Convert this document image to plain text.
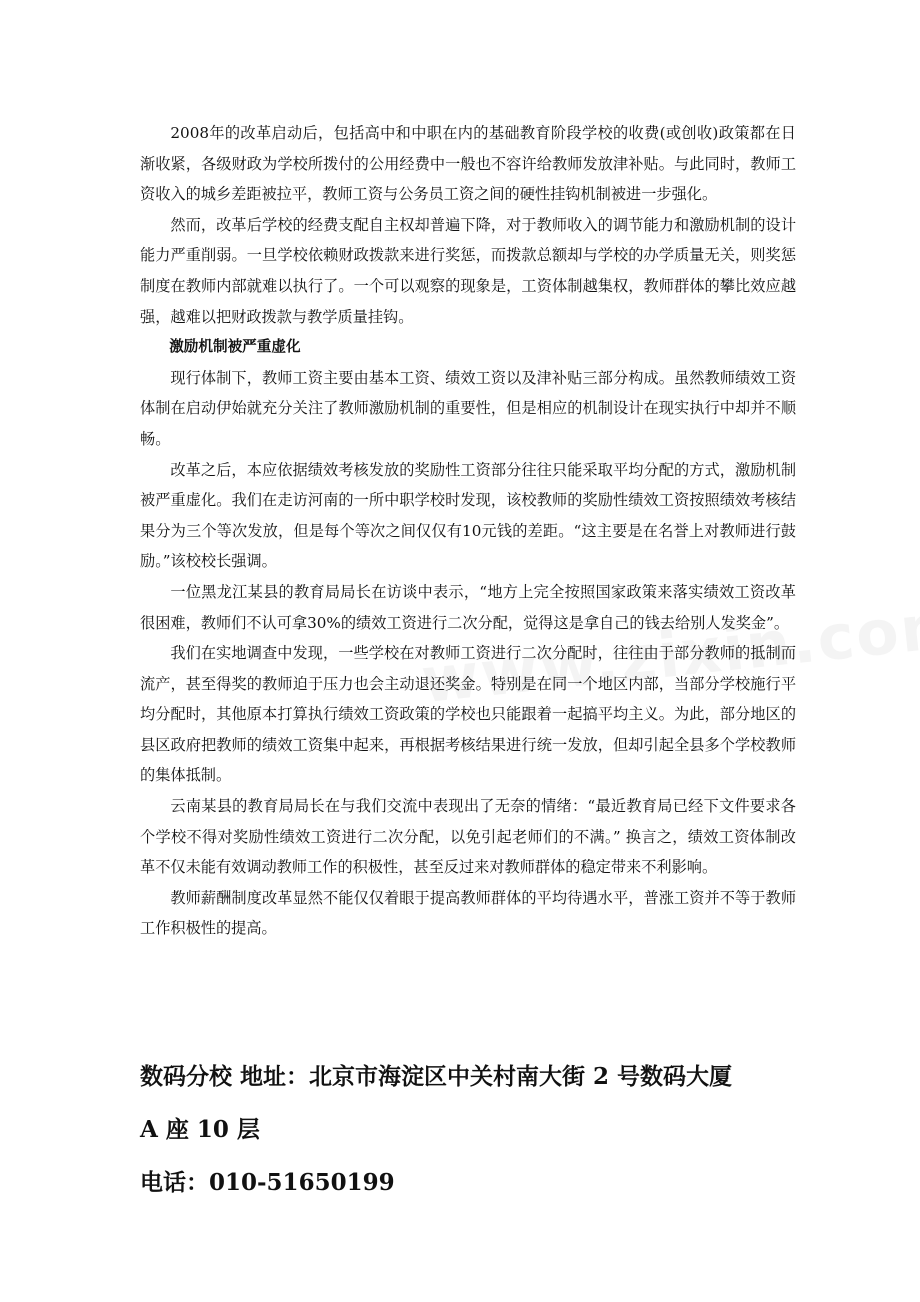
2008年的改革启动后，包括高中和中职在内的基础教育阶段学校的收费(或创收)政策都在日渐收紧，各级财政为学校所拨付的公用经费中一般也不容许给教师发放津补贴。与此同时，教师工资收入的城乡差距被拉平，教师工资与公务员工资之间的硬性挂钩机制被进一步强化。

然而，改革后学校的经费支配自主权却普遍下降，对于教师收入的调节能力和激励机制的设计能力严重削弱。一旦学校依赖财政拨款来进行奖惩，而拨款总额却与学校的办学质量无关，则奖惩制度在教师内部就难以执行了。一个可以观察的现象是，工资体制越集权，教师群体的攀比效应越强，越难以把财政拨款与教学质量挂钩。

激励机制被严重虚化

现行体制下，教师工资主要由基本工资、绩效工资以及津补贴三部分构成。虽然教师绩效工资体制在启动伊始就充分关注了教师激励机制的重要性，但是相应的机制设计在现实执行中却并不顺畅。

改革之后，本应依据绩效考核发放的奖励性工资部分往往只能采取平均分配的方式，激励机制被严重虚化。我们在走访河南的一所中职学校时发现，该校教师的奖励性绩效工资按照绩效考核结果分为三个等次发放，但是每个等次之间仅仅有10元钱的差距。“这主要是在名誉上对教师进行鼓励。”该校校长强调。

一位黑龙江某县的教育局局长在访谈中表示，“地方上完全按照国家政策来落实绩效工资改革很困难，教师们不认可拿30%的绩效工资进行二次分配，觉得这是拿自己的钱去给别人发奖金”。

我们在实地调查中发现，一些学校在对教师工资进行二次分配时，往往由于部分教师的抵制而流产，甚至得奖的教师迫于压力也会主动退还奖金。特别是在同一个地区内部，当部分学校施行平均分配时，其他原本打算执行绩效工资政策的学校也只能跟着一起搞平均主义。为此，部分地区的县区政府把教师的绩效工资集中起来，再根据考核结果进行统一发放，但却引起全县多个学校教师的集体抵制。

云南某县的教育局局长在与我们交流中表现出了无奈的情绪：“最近教育局已经下文件要求各个学校不得对奖励性绩效工资进行二次分配，以免引起老师们的不满。” 换言之，绩效工资体制改革不仅未能有效调动教师工作的积极性，甚至反过来对教师群体的稳定带来不利影响。

教师薪酬制度改革显然不能仅仅着眼于提高教师群体的平均待遇水平，普涨工资并不等于教师工作积极性的提高。

数码分校 地址：北京市海淀区中关村南大街 2 号数码大厦
A 座 10 层
电话：010-51650199
